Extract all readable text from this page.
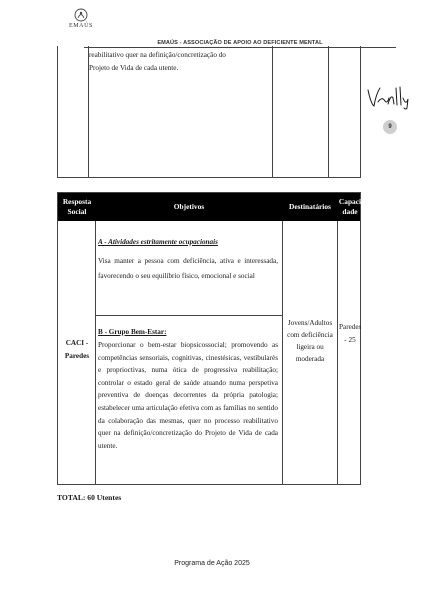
EMAÚS
EMAÚS - ASSOCIAÇÃO DE APOIO AO DEFICIENTE MENTAL
reabilitativo quer na definição/concretização do
Projeto de Vida de cada utente.
9
Resposta Social
Objetivos	Destinatários
Capaci dade
CACI - Paredes
A - Atividades estritamente ocupacionais
Visa manter a pessoa com deficiência, ativa e interessada, favorecendo o seu equilíbrio físico, emocional e social
B - Grupo Bem-Estar:
Proporcionar o bem-estar biopsicossocial; promovendo as competências sensoriais, cognitivas, cinestésicas, vestibularès e proprioctivas, numa ótica de progressiva reabilitação; controlar o estado geral de saúde atuando numa perspetiva preventiva de doenças decorrentes da própria patologia; estabelecer uma articulação efetiva com as famílias no sentido da colaboração das mesmas, quer no processo reabilitativo quer na definição/concretização do Projeto de Vida de cada utente.
Jovens/Adultos com deficiência ligeira ou moderada
Paredes - 25
TOTAL: 60 Utentes
Programa de Ação 2025
